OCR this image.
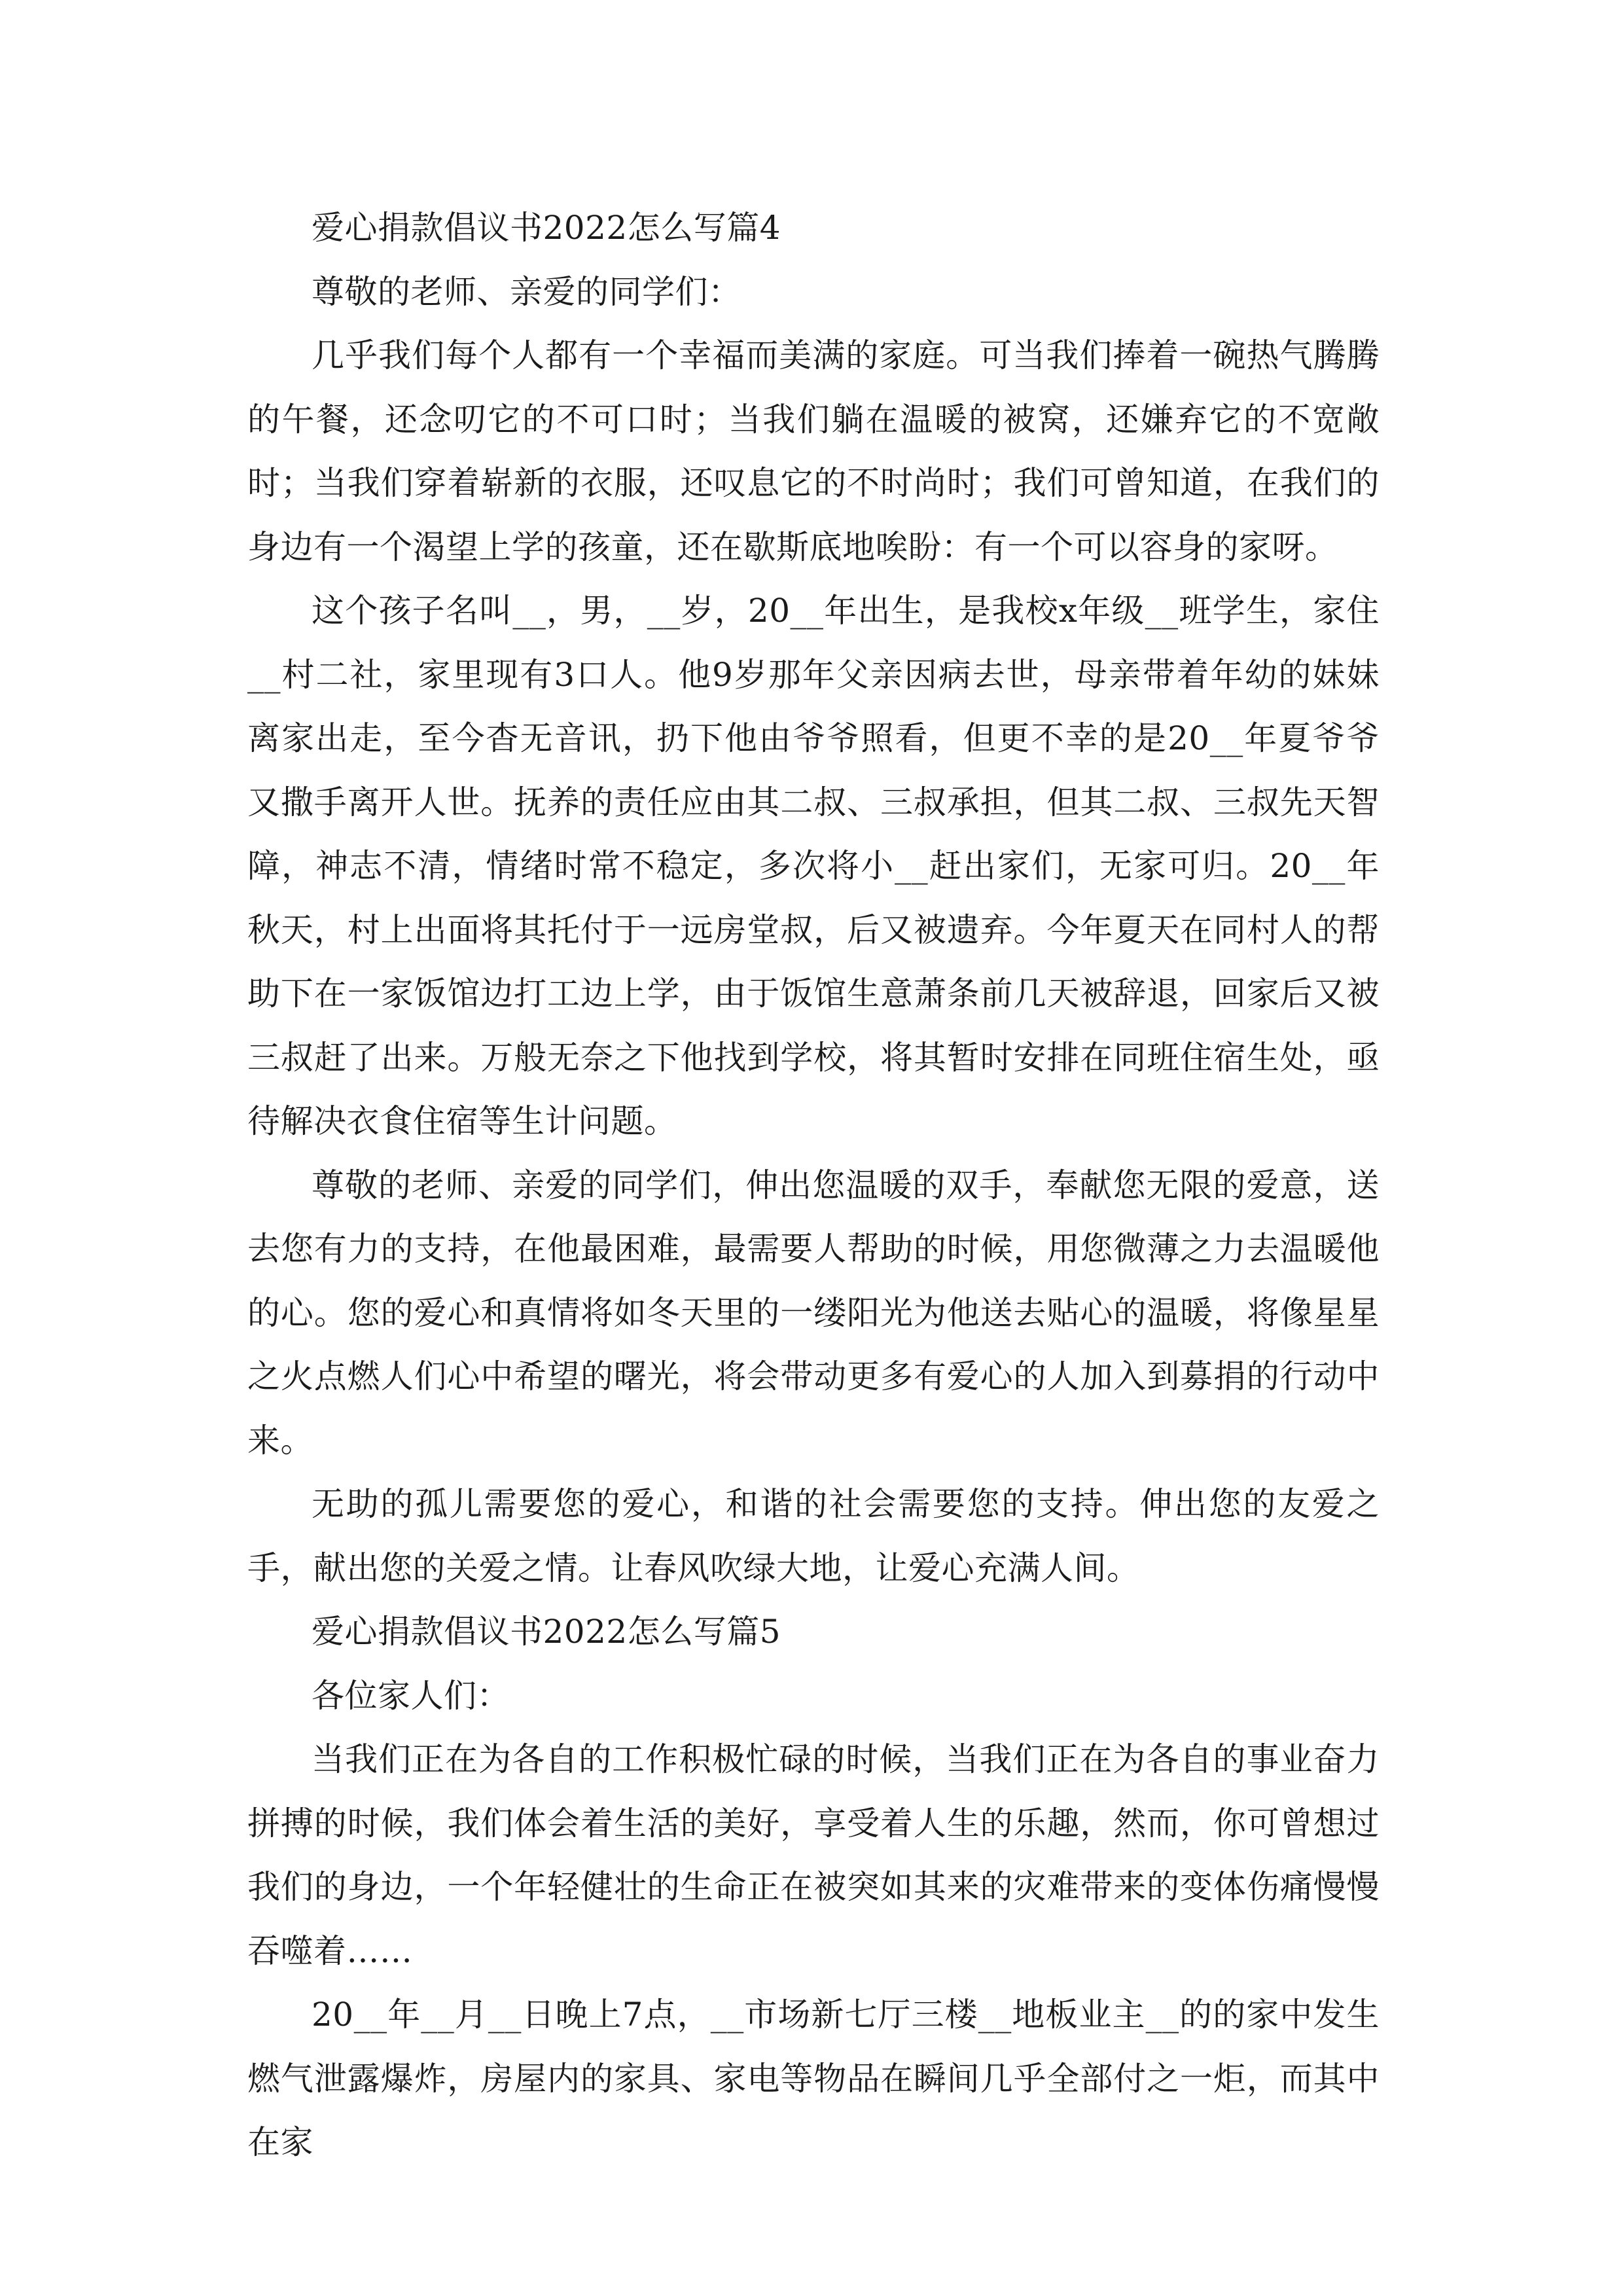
爱心捐款倡议书2022怎么写篇4

尊敬的老师、亲爱的同学们：

几乎我们每个人都有一个幸福而美满的家庭。可当我们捧着一碗热气腾腾的午餐，还念叨它的不可口时；当我们躺在温暖的被窝，还嫌弃它的不宽敞时；当我们穿着崭新的衣服，还叹息它的不时尚时；我们可曾知道，在我们的身边有一个渴望上学的孩童，还在歇斯底地唉盼：有一个可以容身的家呀。

这个孩子名叫__，男，__岁，20__年出生，是我校x年级__班学生，家住__村二社，家里现有3口人。他9岁那年父亲因病去世，母亲带着年幼的妹妹离家出走，至今杳无音讯，扔下他由爷爷照看，但更不幸的是20__年夏爷爷又撒手离开人世。抚养的责任应由其二叔、三叔承担，但其二叔、三叔先天智障，神志不清，情绪时常不稳定，多次将小__赶出家们，无家可归。20__年秋天，村上出面将其托付于一远房堂叔，后又被遗弃。今年夏天在同村人的帮助下在一家饭馆边打工边上学，由于饭馆生意萧条前几天被辞退，回家后又被三叔赶了出来。万般无奈之下他找到学校，将其暂时安排在同班住宿生处，亟待解决衣食住宿等生计问题。

尊敬的老师、亲爱的同学们，伸出您温暖的双手，奉献您无限的爱意，送去您有力的支持，在他最困难，最需要人帮助的时候，用您微薄之力去温暖他的心。您的爱心和真情将如冬天里的一缕阳光为他送去贴心的温暖，将像星星之火点燃人们心中希望的曙光，将会带动更多有爱心的人加入到募捐的行动中来。

无助的孤儿需要您的爱心，和谐的社会需要您的支持。伸出您的友爱之手，献出您的关爱之情。让春风吹绿大地，让爱心充满人间。

爱心捐款倡议书2022怎么写篇5

各位家人们：

当我们正在为各自的工作积极忙碌的时候，当我们正在为各自的事业奋力拼搏的时候，我们体会着生活的美好，享受着人生的乐趣，然而，你可曾想过我们的身边，一个年轻健壮的生命正在被突如其来的灾难带来的变体伤痛慢慢吞噬着……

20__年__月__日晚上7点，__市场新七厅三楼__地板业主__的的家中发生燃气泄露爆炸，房屋内的家具、家电等物品在瞬间几乎全部付之一炬，而其中在家
